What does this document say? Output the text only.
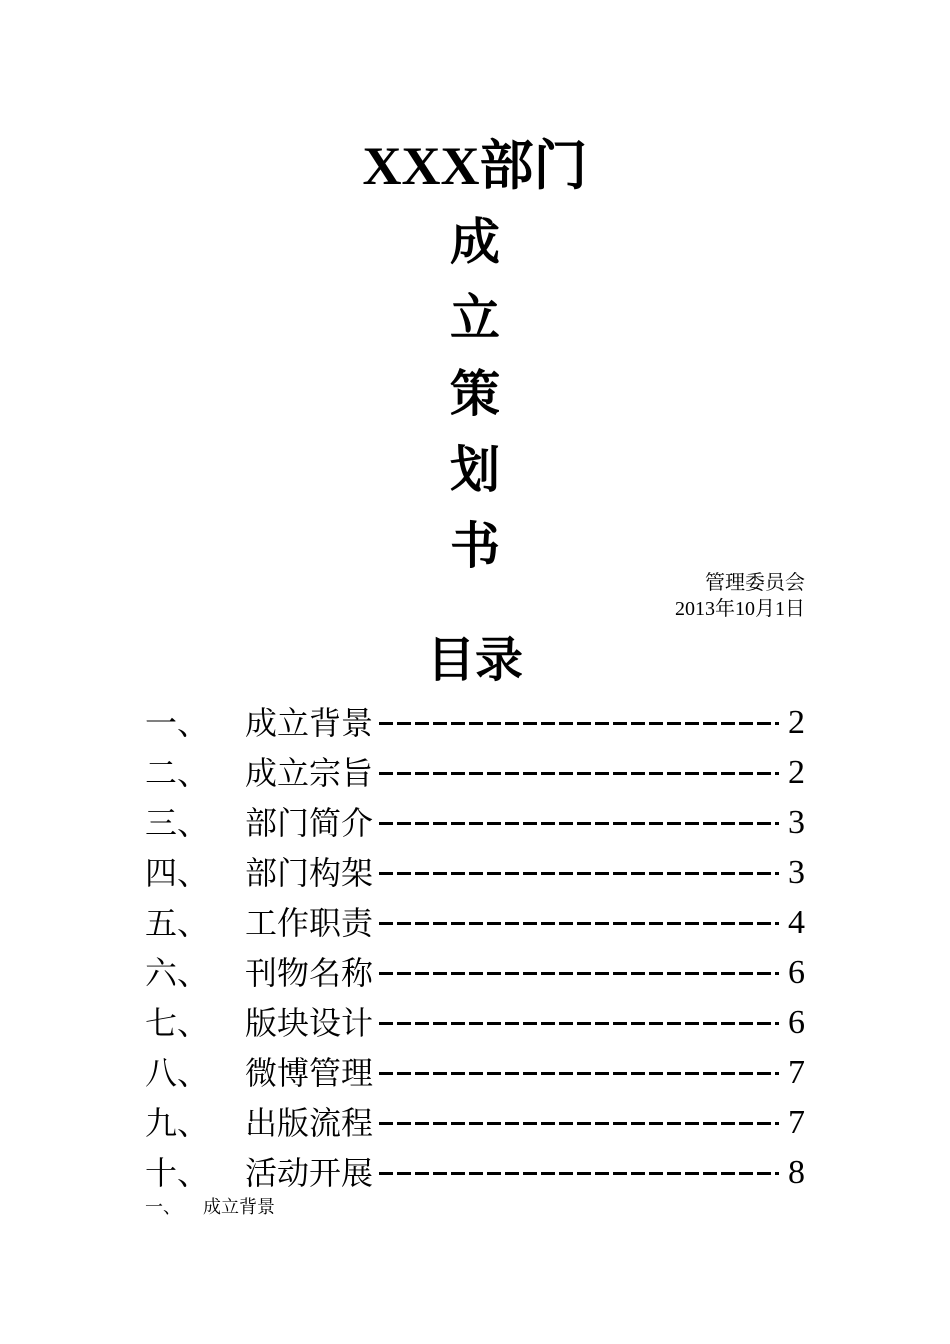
XXX部门
成
立
策
划
书
管理委员会
2013年10月1日
目录
一、	成立背景	2
二、	成立宗旨	2
三、	部门简介	3
四、	部门构架	3
五、	工作职责	4
六、	刊物名称	6
七、	版块设计	6
八、	微博管理	7
九、	出版流程	7
十、	活动开展	8
一、 成立背景
